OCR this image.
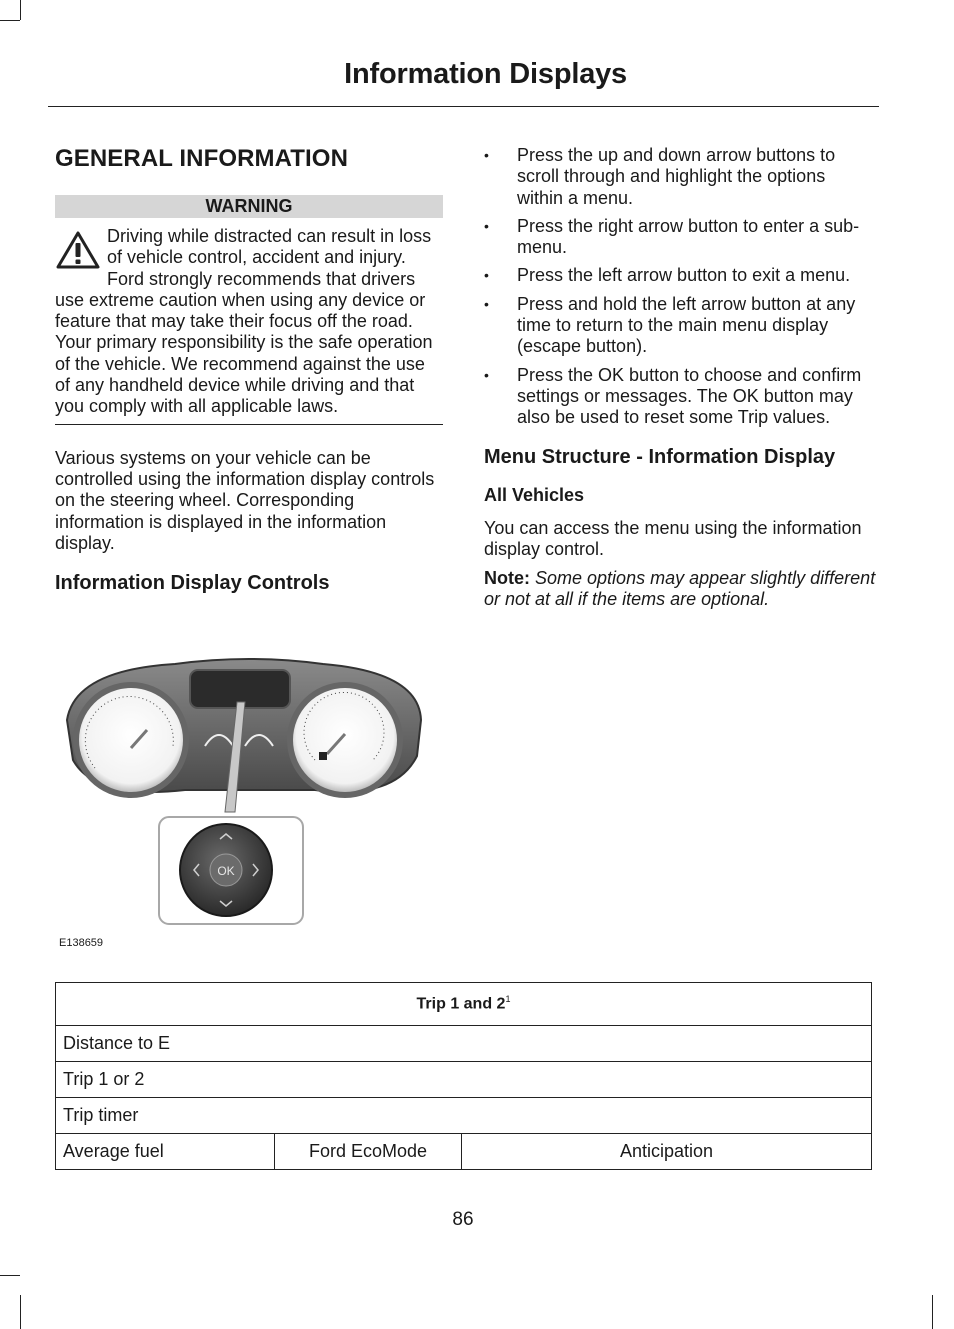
Information Displays
GENERAL INFORMATION
WARNING
Driving while distracted can result in loss of vehicle control, accident and injury. Ford strongly recommends that drivers use extreme caution when using any device or feature that may take their focus off the road. Your primary responsibility is the safe operation of the vehicle. We recommend against the use of any handheld device while driving and that you comply with all applicable laws.

Various systems on your vehicle can be controlled using the information display controls on the steering wheel. Corresponding information is displayed in the information display.

Information Display Controls
OK
E138659
• Press the up and down arrow buttons to scroll through and highlight the options within a menu.
• Press the right arrow button to enter a sub-menu.
• Press the left arrow button to exit a menu.
• Press and hold the left arrow button at any time to return to the main menu display (escape button).
• Press the OK button to choose and confirm settings or messages. The OK button may also be used to reset some Trip values.
Menu Structure - Information Display
All Vehicles

You can access the menu using the information display control.

Note: Some options may appear slightly different or not at all if the items are optional.

Trip 1 and $2^1$
Distance to E
Trip 1 or 2
Trip timer
Average fuel	Ford EcoMode	Anticipation
86
